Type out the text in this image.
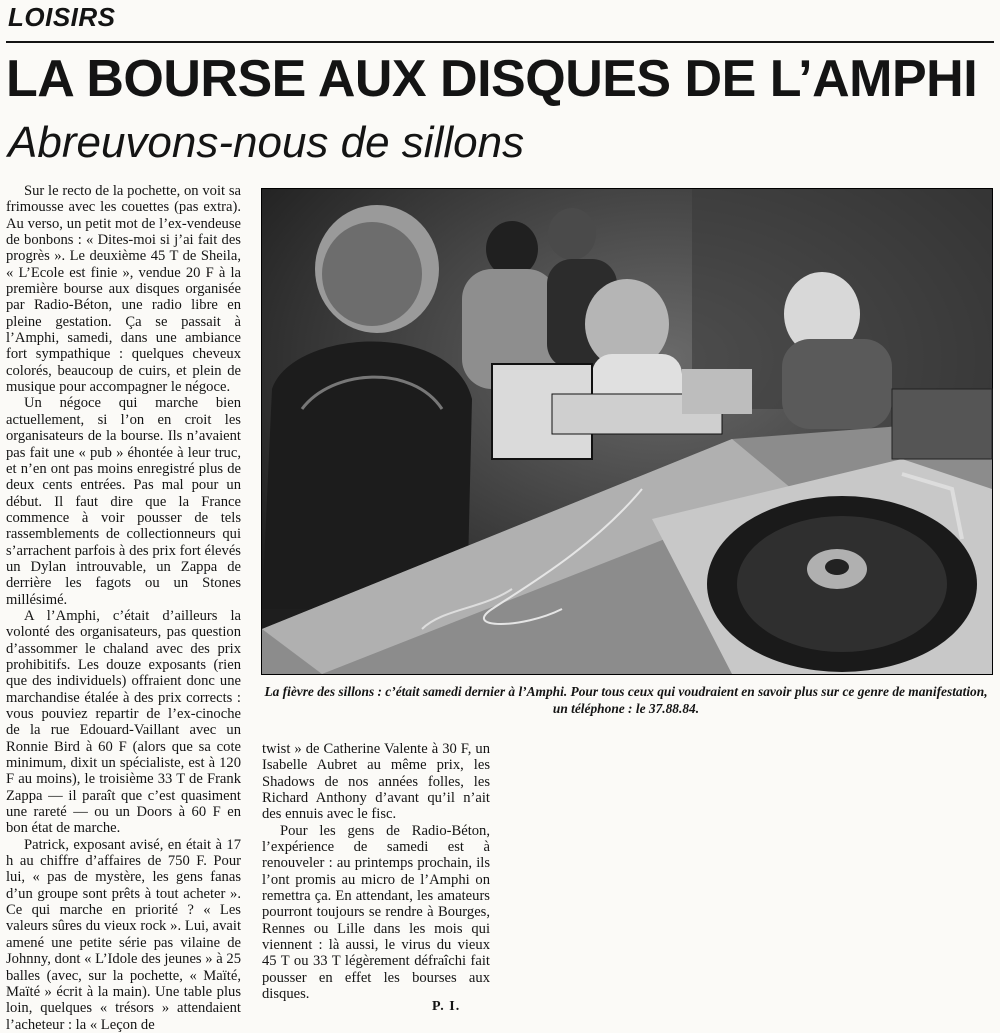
LOISIRS
LA BOURSE AUX DISQUES DE L’AMPHI
Abreuvons-nous de sillons

Sur le recto de la pochette, on voit sa frimousse avec les couettes (pas extra). Au verso, un petit mot de l’ex-vendeuse de bonbons : « Dites-moi si j’ai fait des progrès ». Le deuxième 45 T de Sheila, « L’Ecole est finie », vendue 20 F à la première bourse aux disques organisée par Radio-Béton, une radio libre en pleine gestation. Ça se passait à l’Amphi, samedi, dans une ambiance fort sympathique : quelques cheveux colorés, beaucoup de cuirs, et plein de musique pour accompagner le négoce.

Un négoce qui marche bien actuellement, si l’on en croit les organisateurs de la bourse. Ils n’avaient pas fait une « pub » éhontée à leur truc, et n’en ont pas moins enregistré plus de deux cents entrées. Pas mal pour un début. Il faut dire que la France commence à voir pousser de tels rassemblements de collectionneurs qui s’arrachent parfois à des prix fort élevés un Dylan introuvable, un Zappa de derrière les fagots ou un Stones millésimé.

A l’Amphi, c’était d’ailleurs la volonté des organisateurs, pas question d’assommer le chaland avec des prix prohibitifs. Les douze exposants (rien que des individuels) offraient donc une marchandise étalée à des prix corrects : vous pouviez repartir de l’ex-cinoche de la rue Edouard-Vaillant avec un Ronnie Bird à 60 F (alors que sa cote minimum, dixit un spécialiste, est à 120 F au moins), le troisième 33 T de Frank Zappa — il paraît que c’est quasiment une rareté — ou un Doors à 60 F en bon état de marche.

Patrick, exposant avisé, en était à 17 h au chiffre d’affaires de 750 F. Pour lui, « pas de mystère, les gens fanas d’un groupe sont prêts à tout acheter ». Ce qui marche en priorité ? « Les valeurs sûres du vieux rock ». Lui, avait amené une petite série pas vilaine de Johnny, dont « L’Idole des jeunes » à 25 balles (avec, sur la pochette, « Maïté, Maïté » écrit à la main). Une table plus loin, quelques « trésors » attendaient l’acheteur : la « Leçon de

La fièvre des sillons : c’était samedi dernier à l’Amphi. Pour tous ceux qui voudraient en savoir plus sur ce genre de manifestation, un téléphone : le 37.88.84.

twist » de Catherine Valente à 30 F, un Isabelle Aubret au même prix, les Shadows de nos années folles, les Richard Anthony d’avant qu’il n’ait des ennuis avec le fisc.

Pour les gens de Radio-Béton, l’expérience de samedi est à renouveler : au printemps prochain, ils l’ont promis au micro de l’Amphi on remettra ça. En attendant, les amateurs pourront toujours se rendre à Bourges, Rennes ou Lille dans les mois qui viennent : là aussi, le virus du vieux 45 T ou 33 T légèrement défraîchi fait pousser en effet les bourses aux disques.

P. I.
